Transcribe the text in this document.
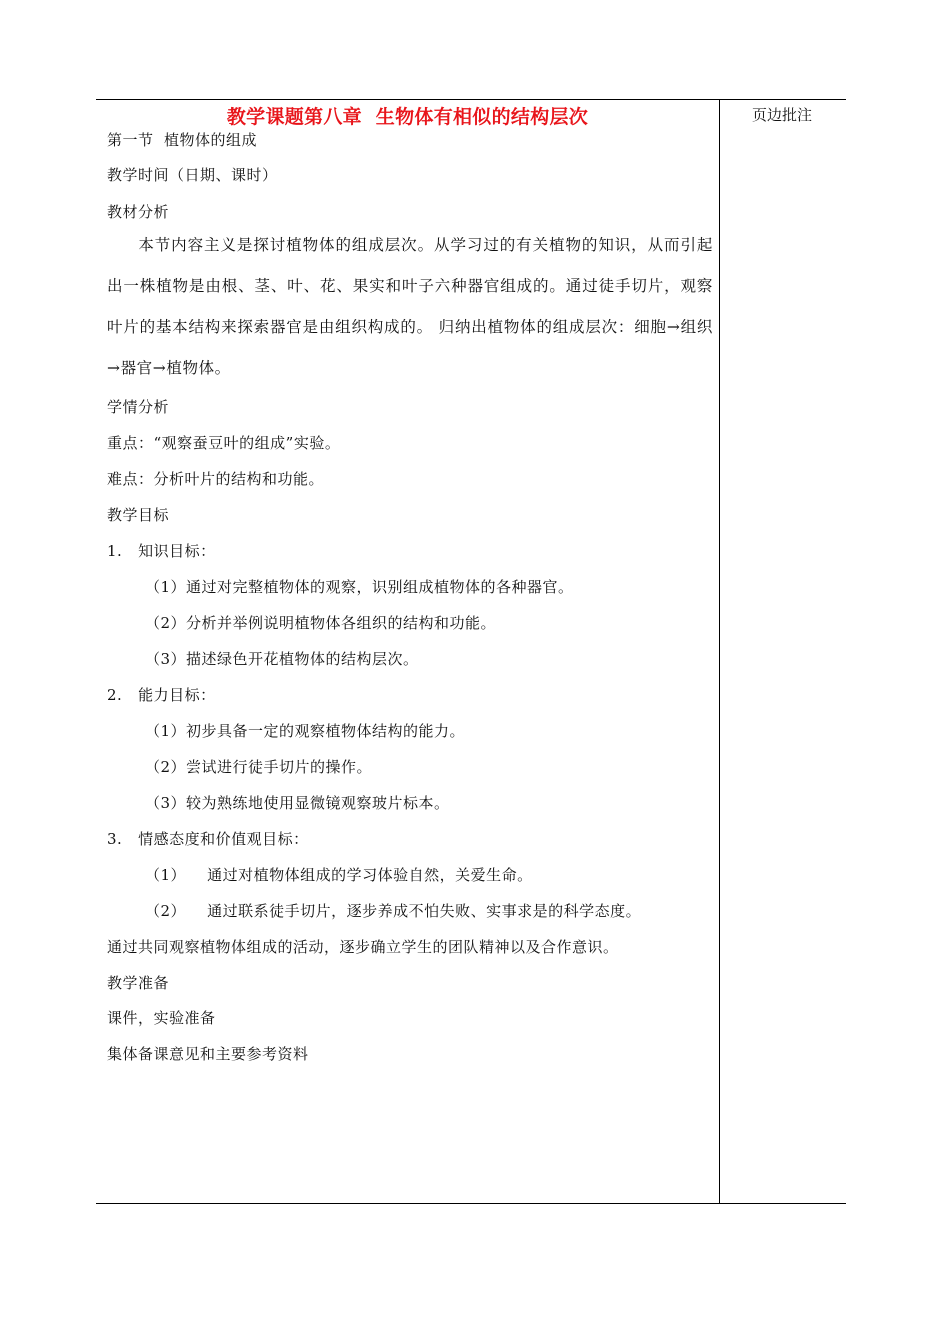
教学课题第八章  生物体有相似的结构层次	页边批注
第一节  植物体的组成
教学时间（日期、课时）
教材分析
本节内容主义是探讨植物体的组成层次。从学习过的有关植物的知识，从而引起出一株植物是由根、茎、叶、花、果实和叶子六种器官组成的。通过徒手切片，观察叶片的基本结构来探索器官是由组织构成的。 归纳出植物体的组成层次：细胞→组织→器官→植物体。
学情分析
重点：“观察蚕豆叶的组成”实验。
难点：分析叶片的结构和功能。
教学目标
1.   知识目标：
（1）通过对完整植物体的观察，识别组成植物体的各种器官。
（2）分析并举例说明植物体各组织的结构和功能。
（3）描述绿色开花植物体的结构层次。
2.   能力目标：
（1）初步具备一定的观察植物体结构的能力。
（2）尝试进行徒手切片的操作。
（3）较为熟练地使用显微镜观察玻片标本。
3.   情感态度和价值观目标：
（1）    通过对植物体组成的学习体验自然，关爱生命。
（2）    通过联系徒手切片，逐步养成不怕失败、实事求是的科学态度。
通过共同观察植物体组成的活动，逐步确立学生的团队精神以及合作意识。
教学准备
课件，实验准备
集体备课意见和主要参考资料
